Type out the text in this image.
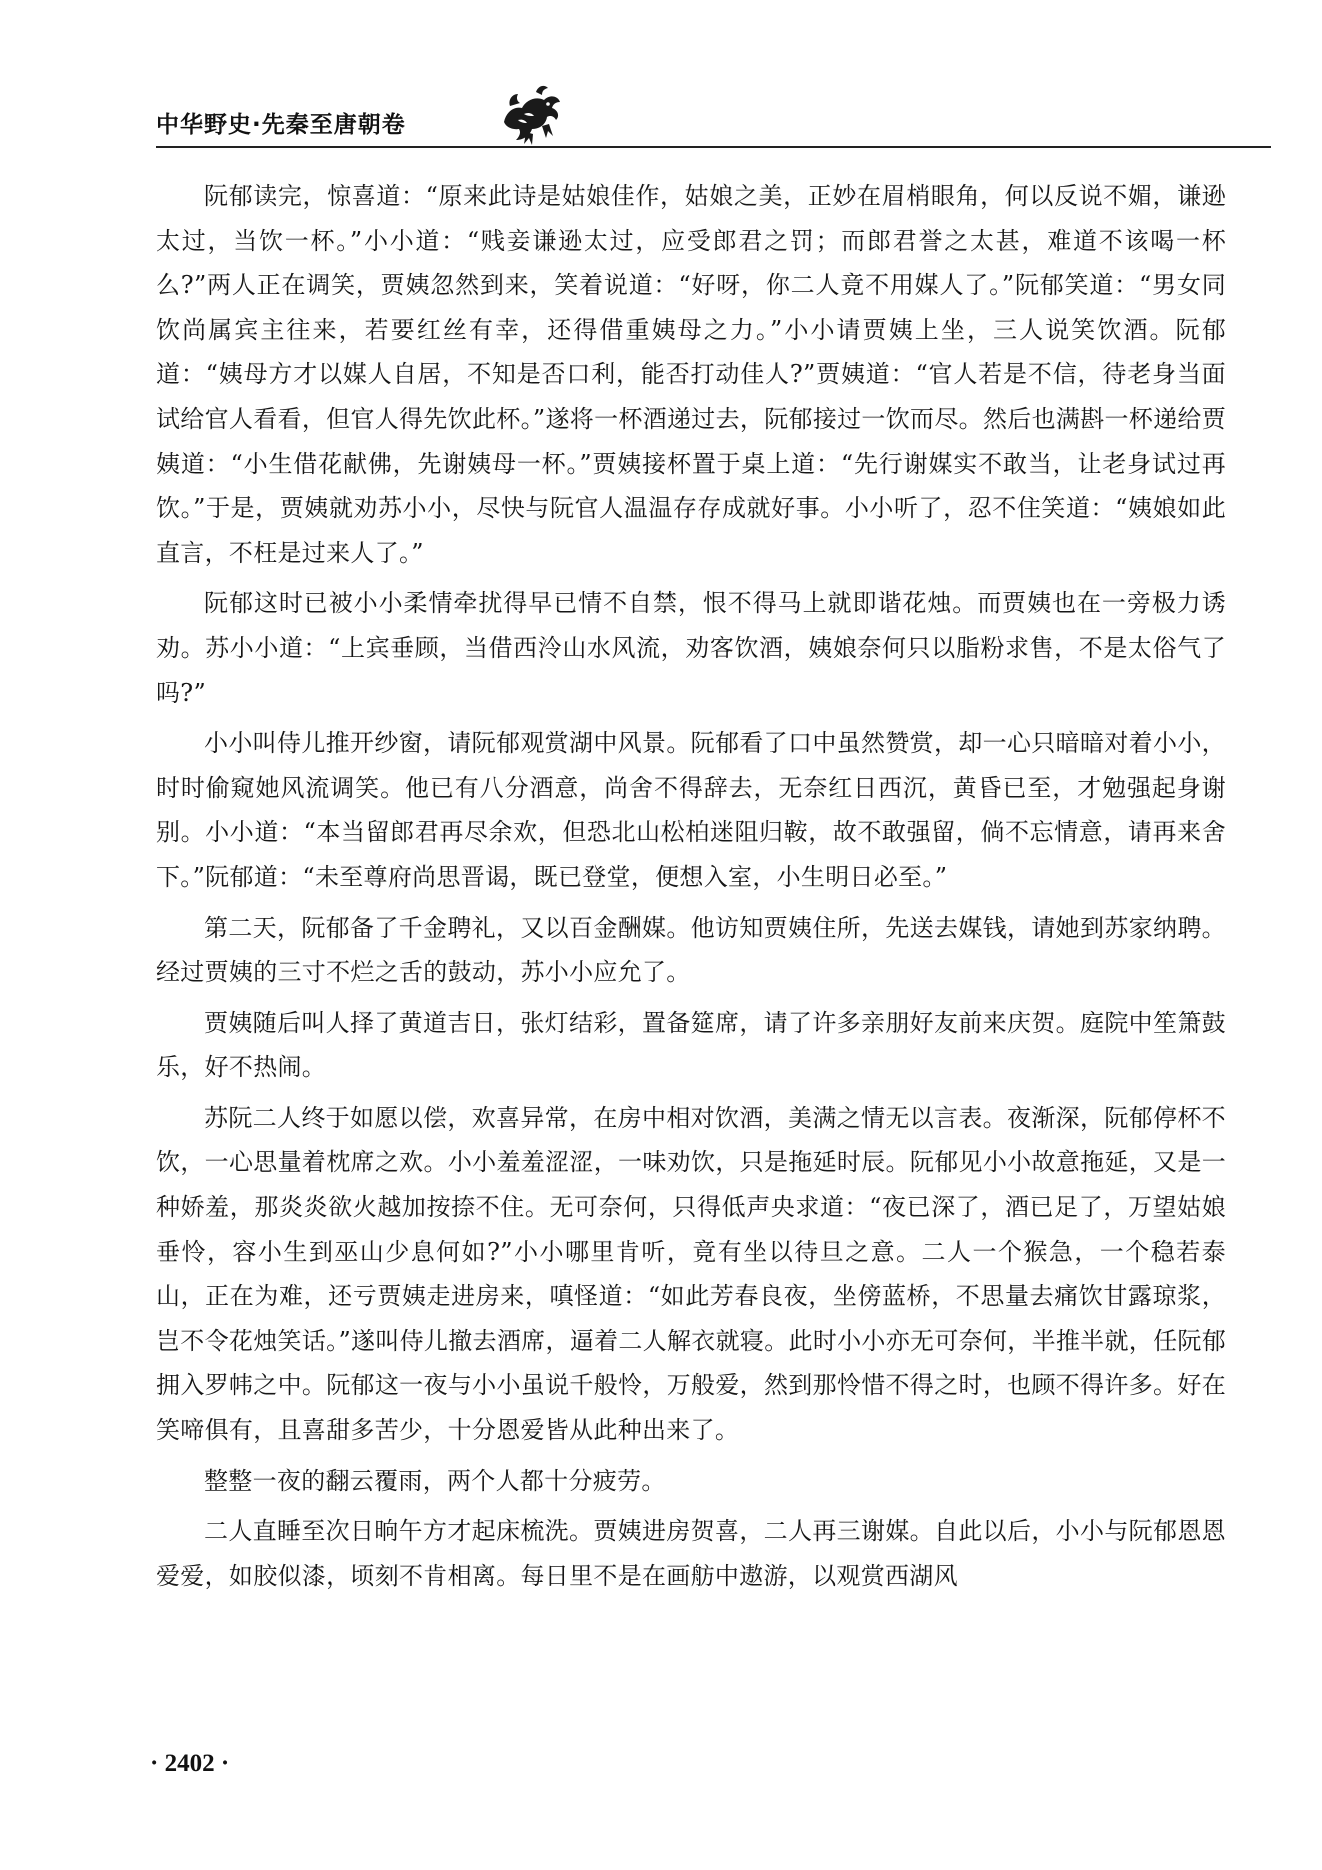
中华野史·先秦至唐朝卷

阮郁读完，惊喜道：“原来此诗是姑娘佳作，姑娘之美，正妙在眉梢眼角，何以反说不媚，谦逊太过，当饮一杯。”小小道：“贱妾谦逊太过，应受郎君之罚；而郎君誉之太甚，难道不该喝一杯么?”两人正在调笑，贾姨忽然到来，笑着说道：“好呀，你二人竟不用媒人了。”阮郁笑道：“男女同饮尚属宾主往来，若要红丝有幸，还得借重姨母之力。”小小请贾姨上坐，三人说笑饮酒。阮郁道：“姨母方才以媒人自居，不知是否口利，能否打动佳人?”贾姨道：“官人若是不信，待老身当面试给官人看看，但官人得先饮此杯。”遂将一杯酒递过去，阮郁接过一饮而尽。然后也满斟一杯递给贾姨道：“小生借花献佛，先谢姨母一杯。”贾姨接杯置于桌上道：“先行谢媒实不敢当，让老身试过再饮。”于是，贾姨就劝苏小小，尽快与阮官人温温存存成就好事。小小听了，忍不住笑道：“姨娘如此直言，不枉是过来人了。”

阮郁这时已被小小柔情牵扰得早已情不自禁，恨不得马上就即谐花烛。而贾姨也在一旁极力诱劝。苏小小道：“上宾垂顾，当借西泠山水风流，劝客饮酒，姨娘奈何只以脂粉求售，不是太俗气了吗?”

小小叫侍儿推开纱窗，请阮郁观赏湖中风景。阮郁看了口中虽然赞赏，却一心只暗暗对着小小，时时偷窥她风流调笑。他已有八分酒意，尚舍不得辞去，无奈红日西沉，黄昏已至，才勉强起身谢别。小小道：“本当留郎君再尽余欢，但恐北山松柏迷阻归鞍，故不敢强留，倘不忘情意，请再来舍下。”阮郁道：“未至尊府尚思晋谒，既已登堂，便想入室，小生明日必至。”

第二天，阮郁备了千金聘礼，又以百金酬媒。他访知贾姨住所，先送去媒钱，请她到苏家纳聘。经过贾姨的三寸不烂之舌的鼓动，苏小小应允了。

贾姨随后叫人择了黄道吉日，张灯结彩，置备筵席，请了许多亲朋好友前来庆贺。庭院中笙箫鼓乐，好不热闹。

苏阮二人终于如愿以偿，欢喜异常，在房中相对饮酒，美满之情无以言表。夜渐深，阮郁停杯不饮，一心思量着枕席之欢。小小羞羞涩涩，一味劝饮，只是拖延时辰。阮郁见小小故意拖延，又是一种娇羞，那炎炎欲火越加按捺不住。无可奈何，只得低声央求道：“夜已深了，酒已足了，万望姑娘垂怜，容小生到巫山少息何如?”小小哪里肯听，竟有坐以待旦之意。二人一个猴急，一个稳若泰山，正在为难，还亏贾姨走进房来，嗔怪道：“如此芳春良夜，坐傍蓝桥，不思量去痛饮甘露琼浆，岂不令花烛笑话。”遂叫侍儿撤去酒席，逼着二人解衣就寝。此时小小亦无可奈何，半推半就，任阮郁拥入罗帏之中。阮郁这一夜与小小虽说千般怜，万般爱，然到那怜惜不得之时，也顾不得许多。好在笑啼俱有，且喜甜多苦少，十分恩爱皆从此种出来了。

整整一夜的翻云覆雨，两个人都十分疲劳。

二人直睡至次日晌午方才起床梳洗。贾姨进房贺喜，二人再三谢媒。自此以后，小小与阮郁恩恩爱爱，如胶似漆，顷刻不肯相离。每日里不是在画舫中遨游，以观赏西湖风

· 2402 ·
